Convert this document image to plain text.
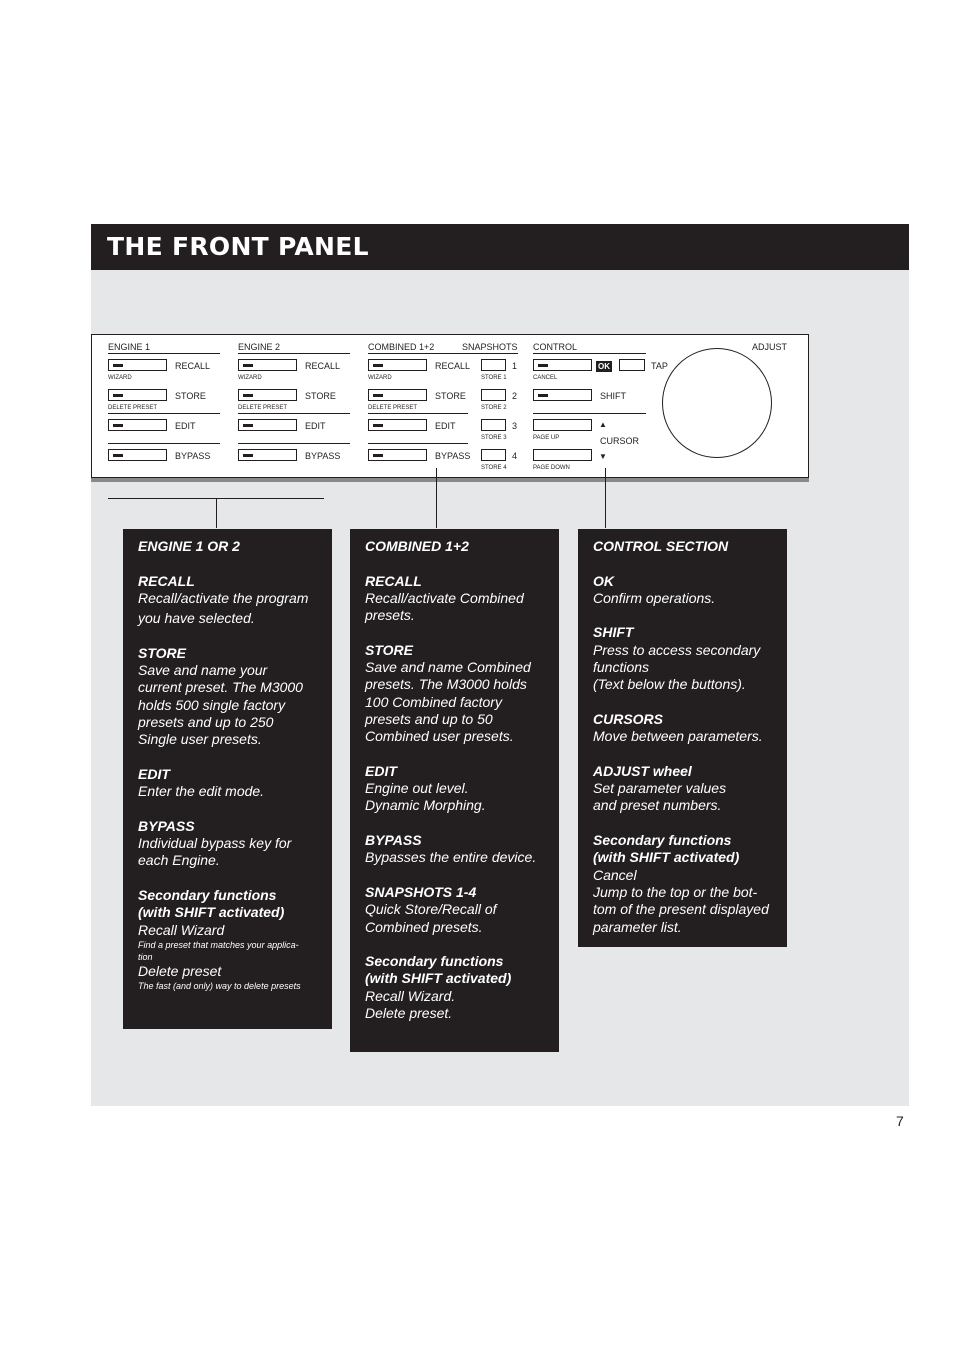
THE FRONT PANEL
ENGINE 1
RECALL
WIZARD
STORE
DELETE PRESET
EDIT
BYPASS
ENGINE 2
RECALL
WIZARD
STORE
DELETE PRESET
EDIT
BYPASS
COMBINED 1+2
RECALL
WIZARD
STORE
DELETE PRESET
EDIT
BYPASS
SNAPSHOTS
1
STORE 1
2
STORE 2
3
STORE 3
4
STORE 4
CONTROL
OK	TAP
CANCEL
SHIFT
▲
PAGE UP	CURSOR
▼
PAGE DOWN
ADJUST
ENGINE 1 OR 2
RECALL
Recall/activate the program
you have selected.
STORE
Save and name your
current preset. The M3000
holds 500 single factory
presets and up to 250
Single user presets.
EDIT
Enter the edit mode.
BYPASS
Individual bypass key for
each Engine.
Secondary functions
(with SHIFT activated)
Recall Wizard
Find a preset that matches your applica-
tion
Delete preset
The fast (and only) way to delete presets
COMBINED 1+2
RECALL
Recall/activate Combined
presets.
STORE
Save and name Combined
presets. The M3000 holds
100 Combined factory
presets and up to 50
Combined user presets.
EDIT
Engine out level.
Dynamic Morphing.
BYPASS
Bypasses the entire device.
SNAPSHOTS 1-4
Quick Store/Recall of
Combined presets.
Secondary functions
(with SHIFT activated)
Recall Wizard.
Delete preset.
CONTROL SECTION
OK
Confirm operations.
SHIFT
Press to access secondary
functions
(Text below the buttons).
CURSORS
Move between parameters.
ADJUST wheel
Set parameter values
and preset numbers.
Secondary functions
(with SHIFT activated)
Cancel
Jump to the top or the bot-
tom of the present displayed
parameter list.
7
